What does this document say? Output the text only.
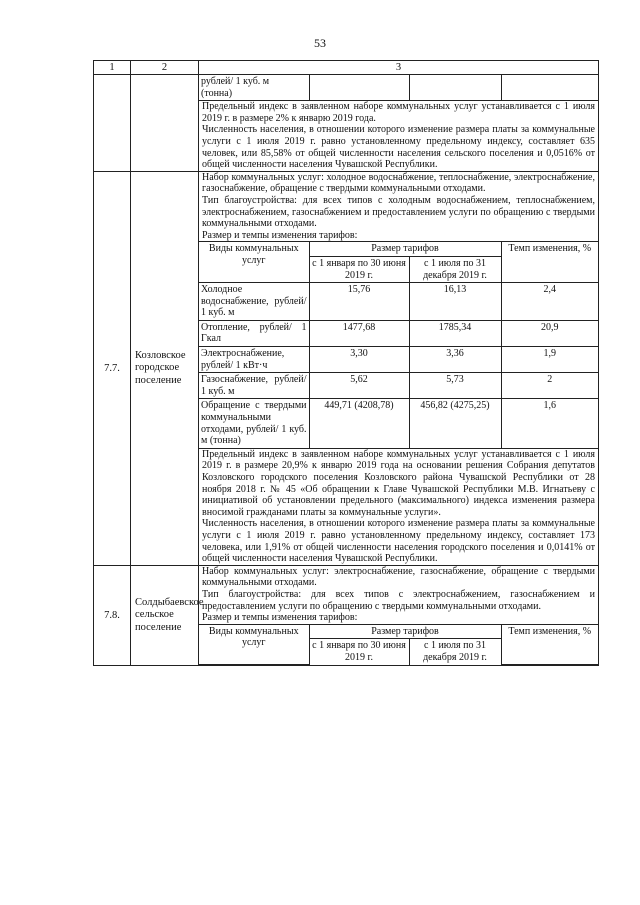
53
1	2	3

рублей/ 1 куб. м
(тонна)

Предельный индекс в заявленном наборе коммунальных услуг устанавливается с 1 июля 2019 г. в размере 2% к январю 2019 года.

Численность населения, в отношении которого изменение размера платы за коммунальные услуги с 1 июля 2019 г. равно установленному предельному индексу, составляет 635 человек, или 85,58% от общей численности населения сельского поселения и 0,0516% от общей численности населения Чувашской Республики.

7.7.	Козловское городское поселение	

Набор коммунальных услуг: холодное водоснабжение, теплоснабжение, электроснабжение, газоснабжение, обращение с твердыми коммунальными отходами.

Тип благоустройства: для всех типов с холодным водоснабжением, теплоснабжением, электроснабжением, газоснабжением и предоставлением услуги по обращению с твердыми коммунальными отходами.

Размер и темпы изменения тарифов:

Виды коммунальных услуг	Размер тарифов	Темп изменения, %
с 1 января по 30 июня 2019 г.	с 1 июля по 31 декабря 2019 г.
Холодное водоснабжение, рублей/ 1 куб. м	15,76	16,13	2,4
Отопление, рублей/ 1 Гкал	1477,68	1785,34	20,9
Электроснабжение, рублей/ 1 кВт·ч	3,30	3,36	1,9
Газоснабжение, рублей/ 1 куб. м	5,62	5,73	2
Обращение с твердыми коммунальными отходами, рублей/ 1 куб. м (тонна)	449,71 (4208,78)	456,82 (4275,25)	1,6

Предельный индекс в заявленном наборе коммунальных услуг устанавливается с 1 июля 2019 г. в размере 20,9% к январю 2019 года на основании решения Собрания депутатов Козловского городского поселения Козловского района Чувашской Республики от 28 ноября 2018 г. № 45 «Об обращении к Главе Чувашской Республики М.В. Игнатьеву с инициативой об установлении предельного (максимального) индекса изменения размера вносимой гражданами платы за коммунальные услуги».

Численность населения, в отношении которого изменение размера платы за коммунальные услуги с 1 июля 2019 г. равно установленному предельному индексу, составляет 173 человека, или 1,91% от общей численности населения городского поселения и 0,0141% от общей численности населения Чувашской Республики.

7.8.	Солдыбаевское сельское поселение	

Набор коммунальных услуг: электроснабжение, газоснабжение, обращение с твердыми коммунальными отходами.

Тип благоустройства: для всех типов с электроснабжением, газоснабжением и предоставлением услуги по обращению с твердыми коммунальными отходами.

Размер и темпы изменения тарифов:

Виды коммунальных услуг	Размер тарифов	Темп изменения, %
с 1 января по 30 июня 2019 г.	с 1 июля по 31 декабря 2019 г.
